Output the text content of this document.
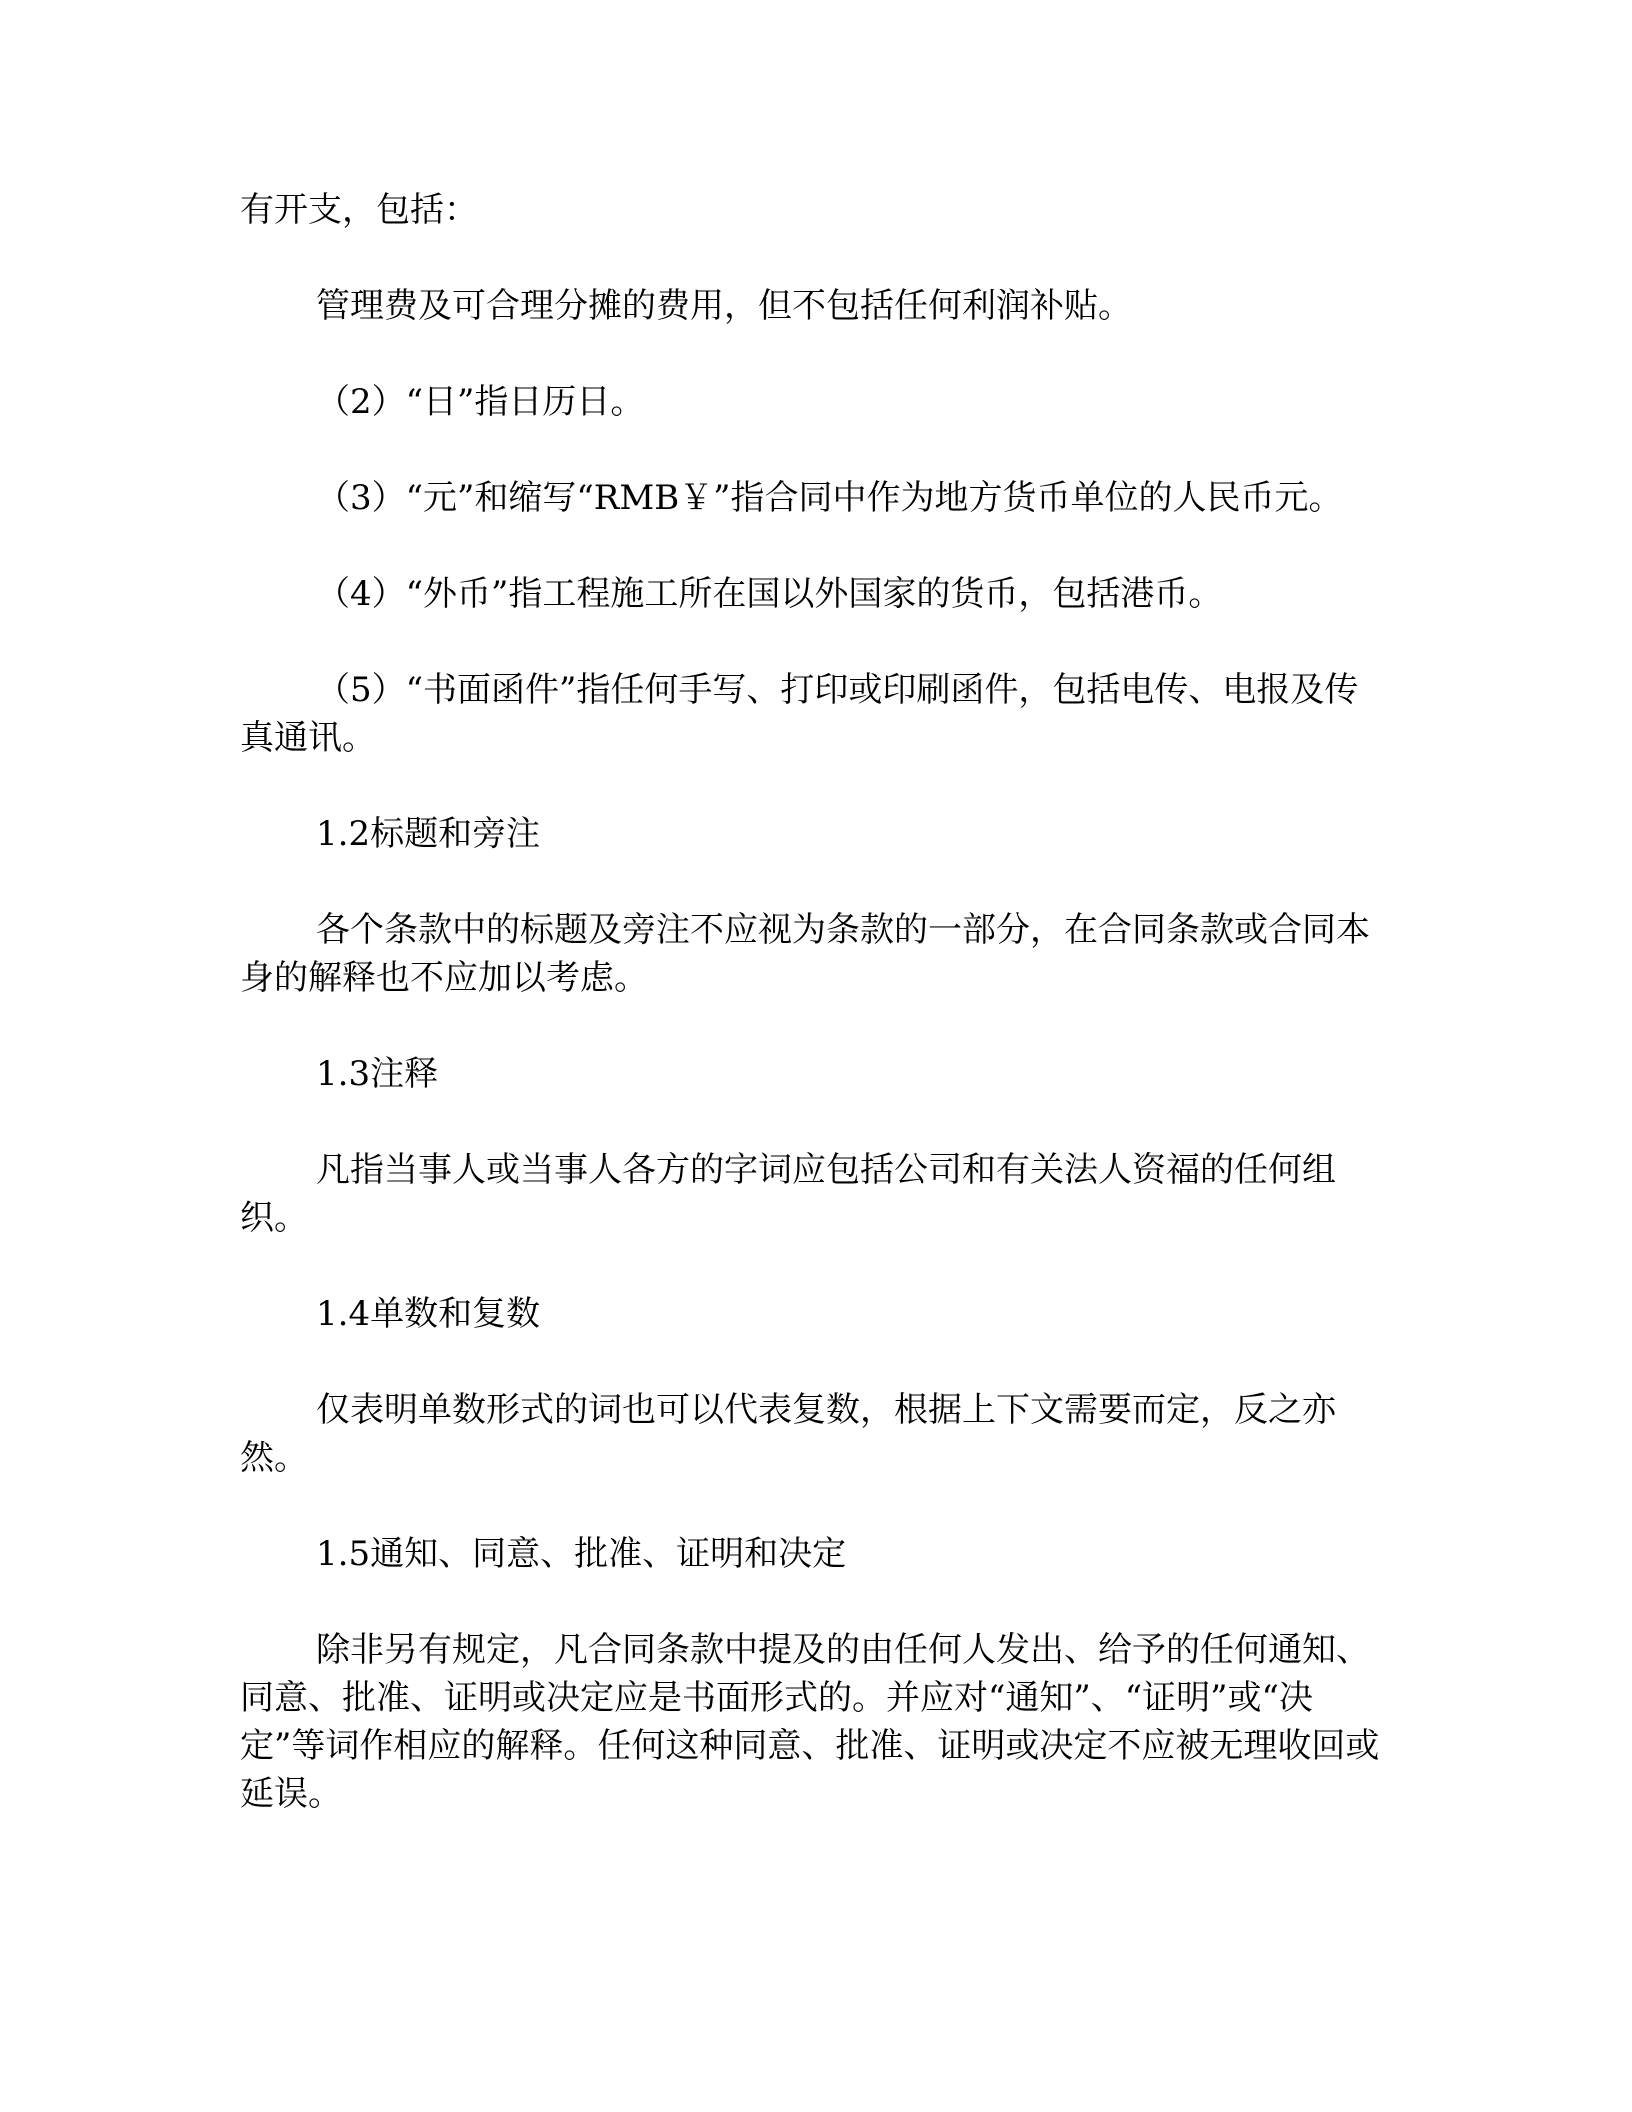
有开支，包括：

管理费及可合理分摊的费用，但不包括任何利润补贴。

（2）“日”指日历日。

（3）“元”和缩写“RMB￥”指合同中作为地方货币单位的人民币元。

（4）“外币”指工程施工所在国以外国家的货币，包括港币。

（5）“书面函件”指任何手写、打印或印刷函件，包括电传、电报及传真通讯。

1.2标题和旁注

各个条款中的标题及旁注不应视为条款的一部分，在合同条款或合同本身的解释也不应加以考虑。

1.3注释

凡指当事人或当事人各方的字词应包括公司和有关法人资福的任何组织。

1.4单数和复数

仅表明单数形式的词也可以代表复数，根据上下文需要而定，反之亦然。

1.5通知、同意、批准、证明和决定

除非另有规定，凡合同条款中提及的由任何人发出、给予的任何通知、同意、批准、证明或决定应是书面形式的。并应对“通知”、“证明”或“决定”等词作相应的解释。任何这种同意、批准、证明或决定不应被无理收回或延误。
